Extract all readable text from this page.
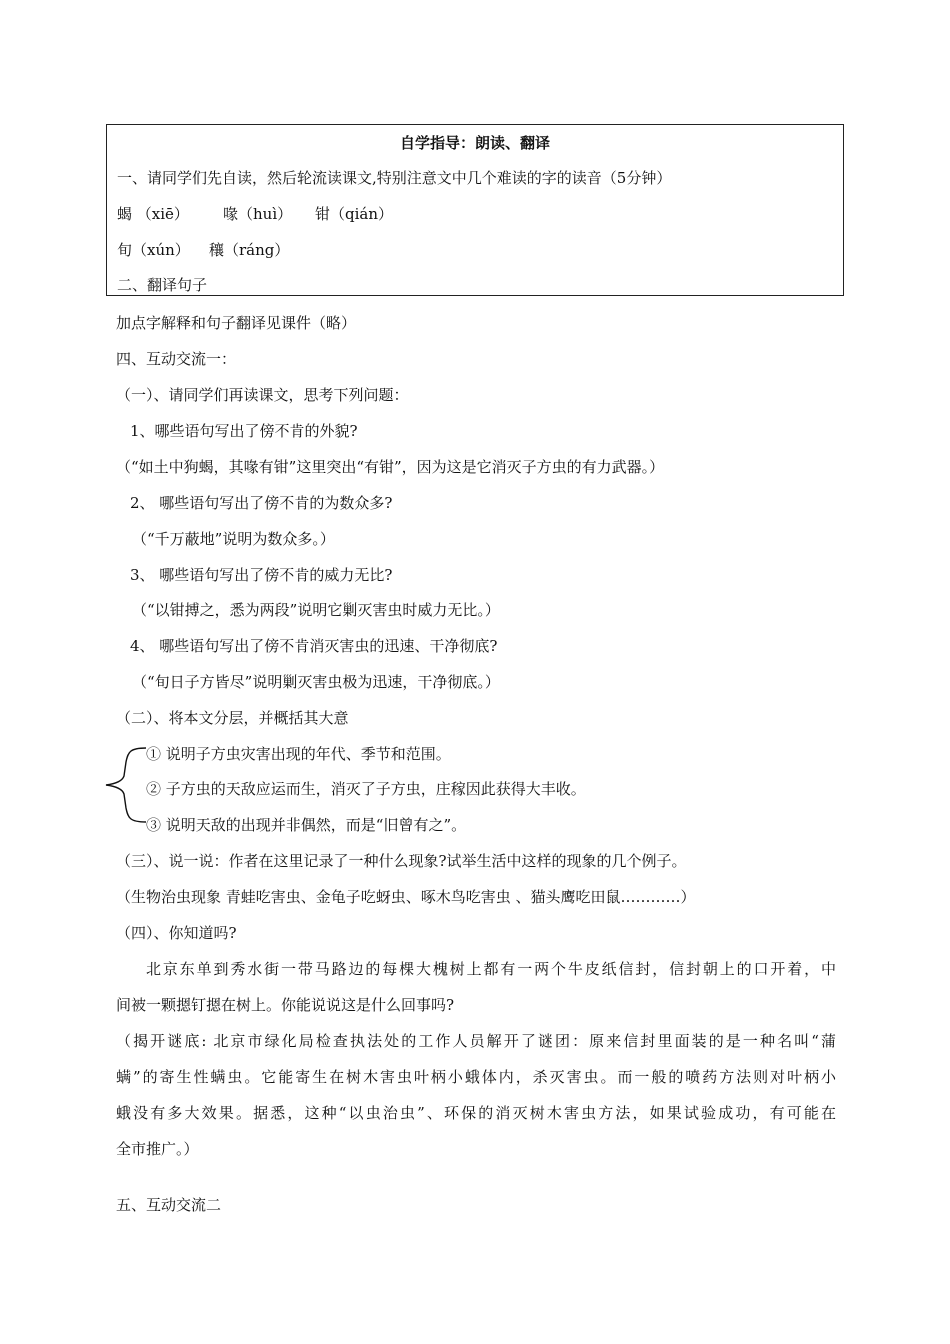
自学指导：朗读、翻译
一、请同学们先自读，然后轮流读课文,特别注意文中几个难读的字的读音（5分钟）
蝎 （xiē） 喙（huì） 钳（qián）
旬（xún） 穰（ráng）
二、翻译句子
加点字解释和句子翻译见课件（略）
四、互动交流一：
（一）、请同学们再读课文，思考下列问题：
1、哪些语句写出了傍不肯的外貌?
（“如土中狗蝎，其喙有钳”这里突出“有钳”，因为这是它消灭子方虫的有力武器。）
2、 哪些语句写出了傍不肯的为数众多?
（“千万蔽地”说明为数众多。）
3、 哪些语句写出了傍不肯的威力无比?
（“以钳搏之，悉为两段”说明它剿灭害虫时威力无比。）
4、 哪些语句写出了傍不肯消灭害虫的迅速、干净彻底?
（“旬日子方皆尽”说明剿灭害虫极为迅速，干净彻底。）
（二）、将本文分层，并概括其大意
① 说明子方虫灾害出现的年代、季节和范围。
② 子方虫的天敌应运而生，消灭了子方虫，庄稼因此获得大丰收。
③ 说明天敌的出现并非偶然，而是“旧曾有之”。
（三）、说一说：作者在这里记录了一种什么现象?试举生活中这样的现象的几个例子。
（生物治虫现象 青蛙吃害虫、金龟子吃蚜虫、啄木鸟吃害虫 、猫头鹰吃田鼠…………）
（四）、你知道吗?
北京东单到秀水街一带马路边的每棵大槐树上都有一两个牛皮纸信封，信封朝上的口开着，中
间被一颗摁钉摁在树上。你能说说这是什么回事吗?
（揭开谜底: 北京市绿化局检查执法处的工作人员解开了谜团：原来信封里面装的是一种名叫“蒲
螨”的寄生性螨虫。它能寄生在树木害虫叶柄小蛾体内，杀灭害虫。而一般的喷药方法则对叶柄小
蛾没有多大效果。据悉，这种“以虫治虫”、环保的消灭树木害虫方法，如果试验成功，有可能在
全市推广。）
五、互动交流二
